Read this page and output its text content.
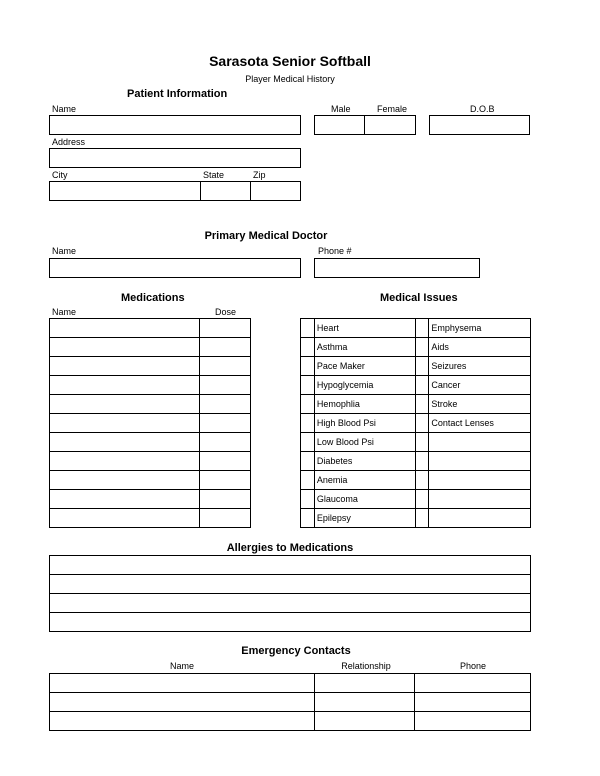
Sarasota Senior Softball
Player Medical History
Patient Information
Name	Male	Female	D.O.B
Address
City	State	Zip
Primary Medical Doctor
Name	Phone #
Medications
Name	Dose

Medical Issues
	Heart		Emphysema
	Asthma		Aids
	Pace Maker		Seizures
	Hypoglycemia		Cancer
	Hemophlia		Stroke
	High Blood Psi		Contact Lenses
	Low Blood Psi		
	Diabetes		
	Anemia		
	Glaucoma		
	Epilepsy		
Allergies to Medications

Emergency Contacts
Name	Relationship	Phone
